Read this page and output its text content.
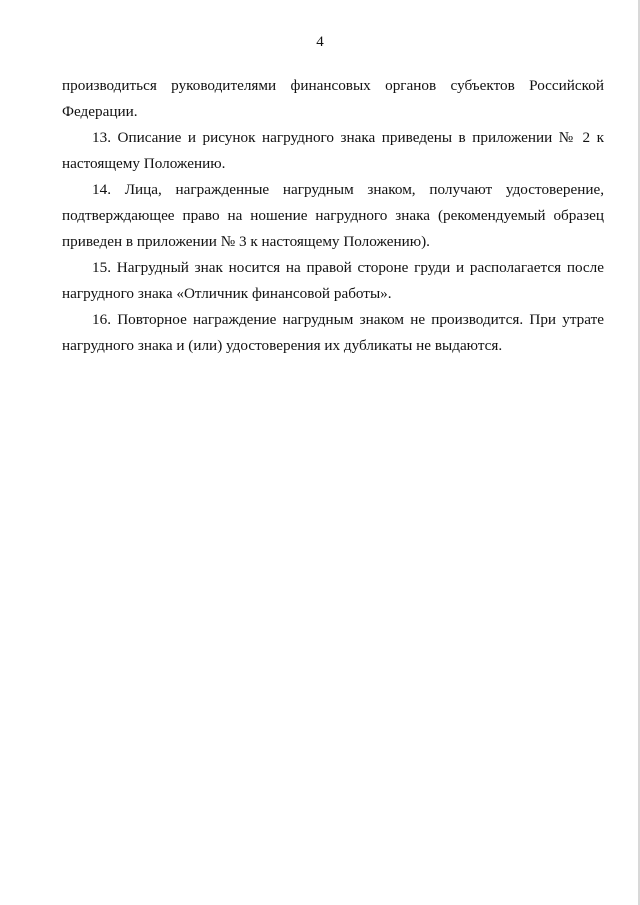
4

производиться руководителями финансовых органов субъектов Российской Федерации.

13. Описание и рисунок нагрудного знака приведены в приложении № 2 к настоящему Положению.

14. Лица, награжденные нагрудным знаком, получают удостоверение, подтверждающее право на ношение нагрудного знака (рекомендуемый образец приведен в приложении № 3 к настоящему Положению).

15. Нагрудный знак носится на правой стороне груди и располагается после нагрудного знака «Отличник финансовой работы».

16. Повторное награждение нагрудным знаком не производится. При утрате нагрудного знака и (или) удостоверения их дубликаты не выдаются.
